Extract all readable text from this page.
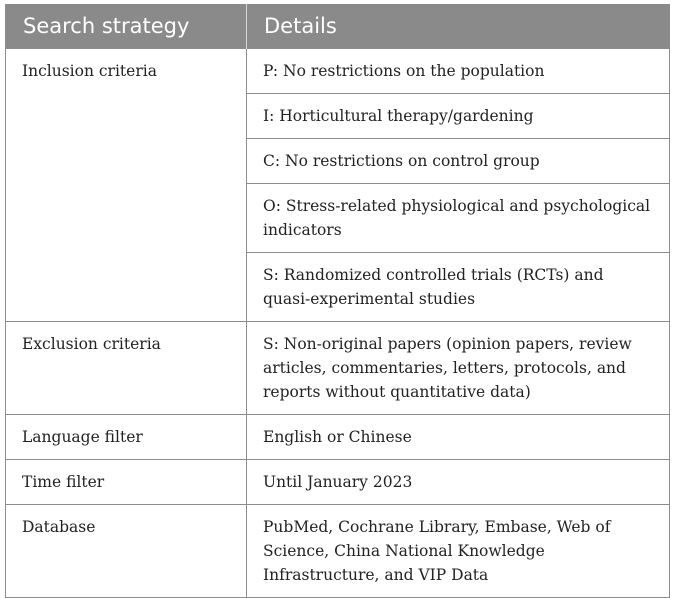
Search strategy	Details
Inclusion criteria	P: No restrictions on the population
	I: Horticultural therapy/gardening
	C: No restrictions on control group
	O: Stress-related physiological and psychological indicators
	S: Randomized controlled trials (RCTs) and quasi-experimental studies
Exclusion criteria	S: Non-original papers (opinion papers, review articles, commentaries, letters, protocols, and reports without quantitative data)
Language filter	English or Chinese
Time filter	Until January 2023
Database	PubMed, Cochrane Library, Embase, Web of Science, China National Knowledge Infrastructure, and VIP Data
